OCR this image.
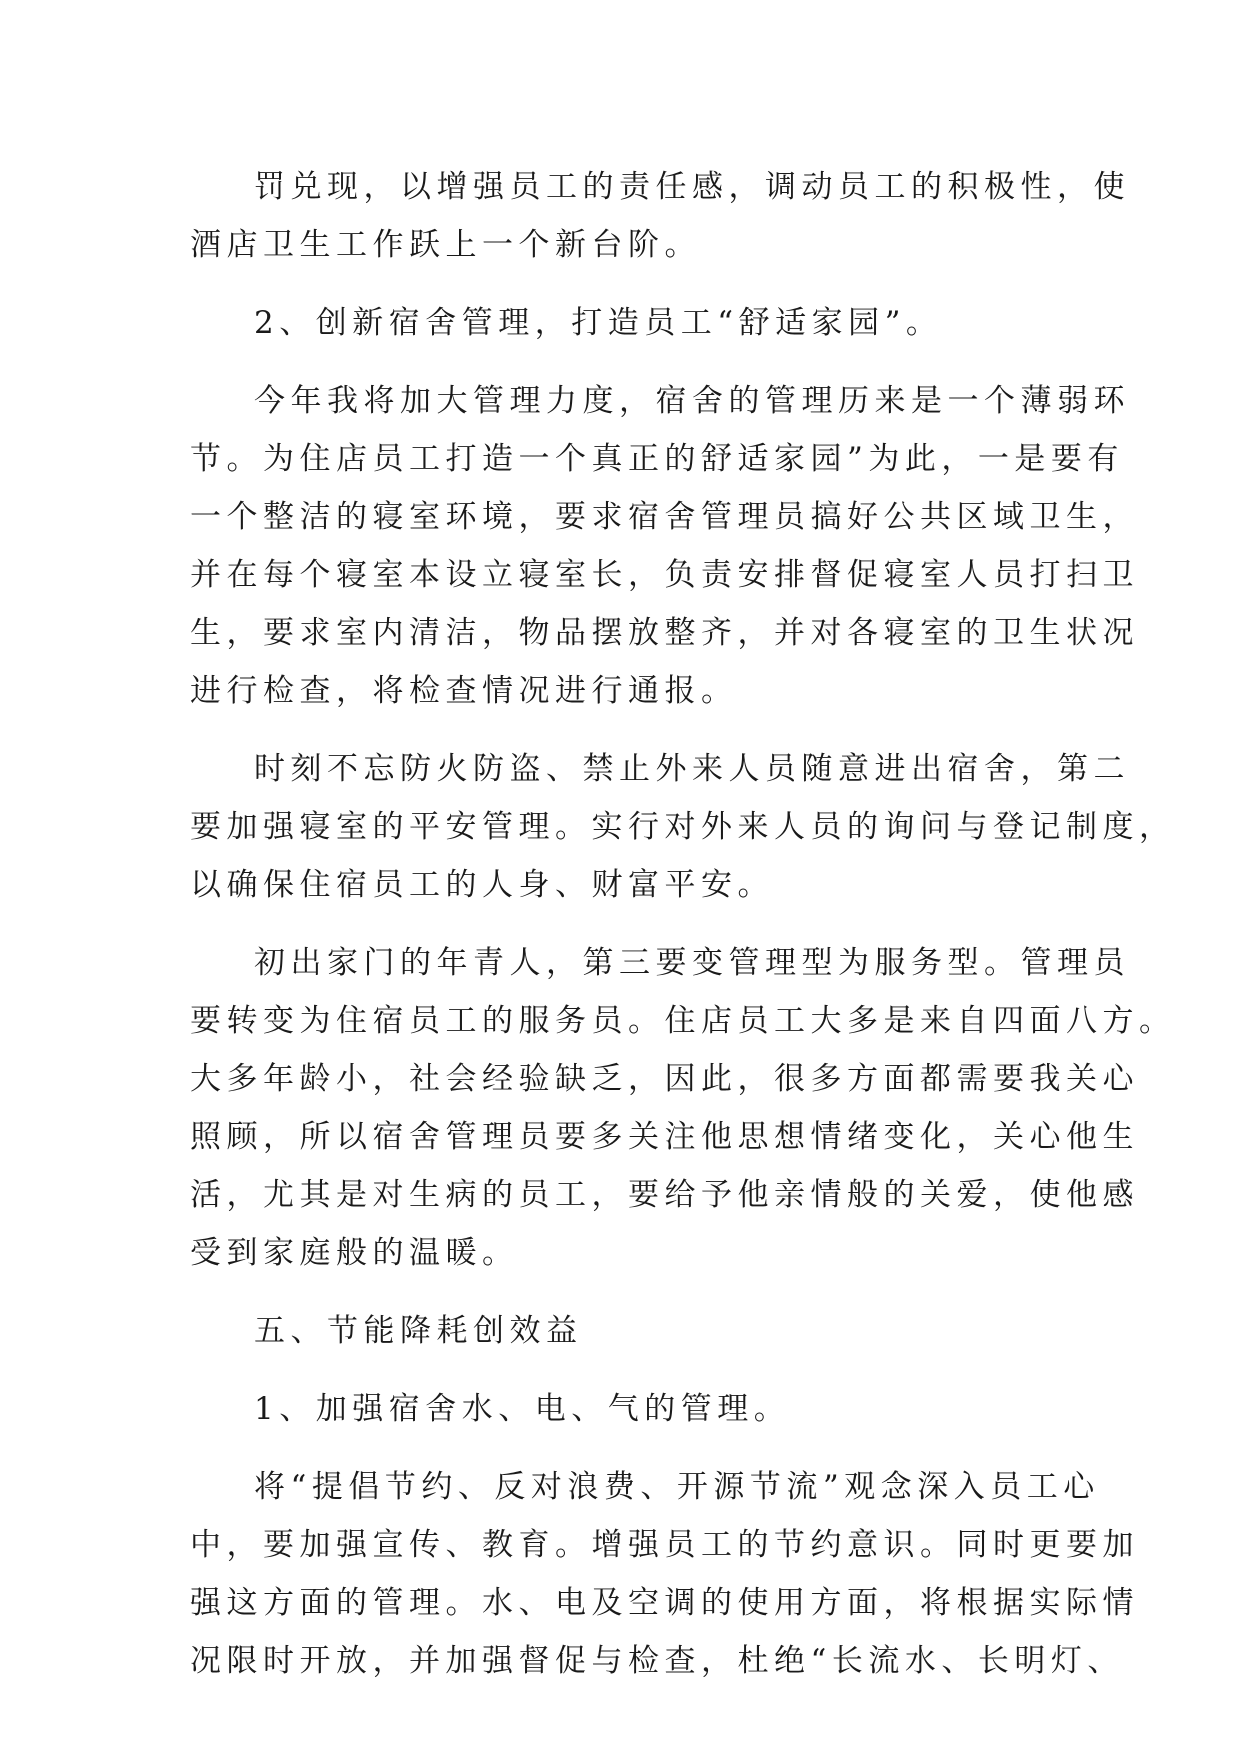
罚兑现，以增强员工的责任感，调动员工的积极性，使
酒店卫生工作跃上一个新台阶。
2、创新宿舍管理，打造员工“舒适家园”。
今年我将加大管理力度，宿舍的管理历来是一个薄弱环
节。为住店员工打造一个真正的舒适家园”为此，一是要有
一个整洁的寝室环境，要求宿舍管理员搞好公共区域卫生，
并在每个寝室本设立寝室长，负责安排督促寝室人员打扫卫
生，要求室内清洁，物品摆放整齐，并对各寝室的卫生状况
进行检查，将检查情况进行通报。
时刻不忘防火防盗、禁止外来人员随意进出宿舍，第二
要加强寝室的平安管理。实行对外来人员的询问与登记制度，
以确保住宿员工的人身、财富平安。
初出家门的年青人，第三要变管理型为服务型。管理员
要转变为住宿员工的服务员。住店员工大多是来自四面八方。
大多年龄小，社会经验缺乏，因此，很多方面都需要我关心
照顾，所以宿舍管理员要多关注他思想情绪变化，关心他生
活，尤其是对生病的员工，要给予他亲情般的关爱，使他感
受到家庭般的温暖。
五、节能降耗创效益
1、加强宿舍水、电、气的管理。
将“提倡节约、反对浪费、开源节流”观念深入员工心
中，要加强宣传、教育。增强员工的节约意识。同时更要加
强这方面的管理。水、电及空调的使用方面，将根据实际情
况限时开放，并加强督促与检查，杜绝“长流水、长明灯、
